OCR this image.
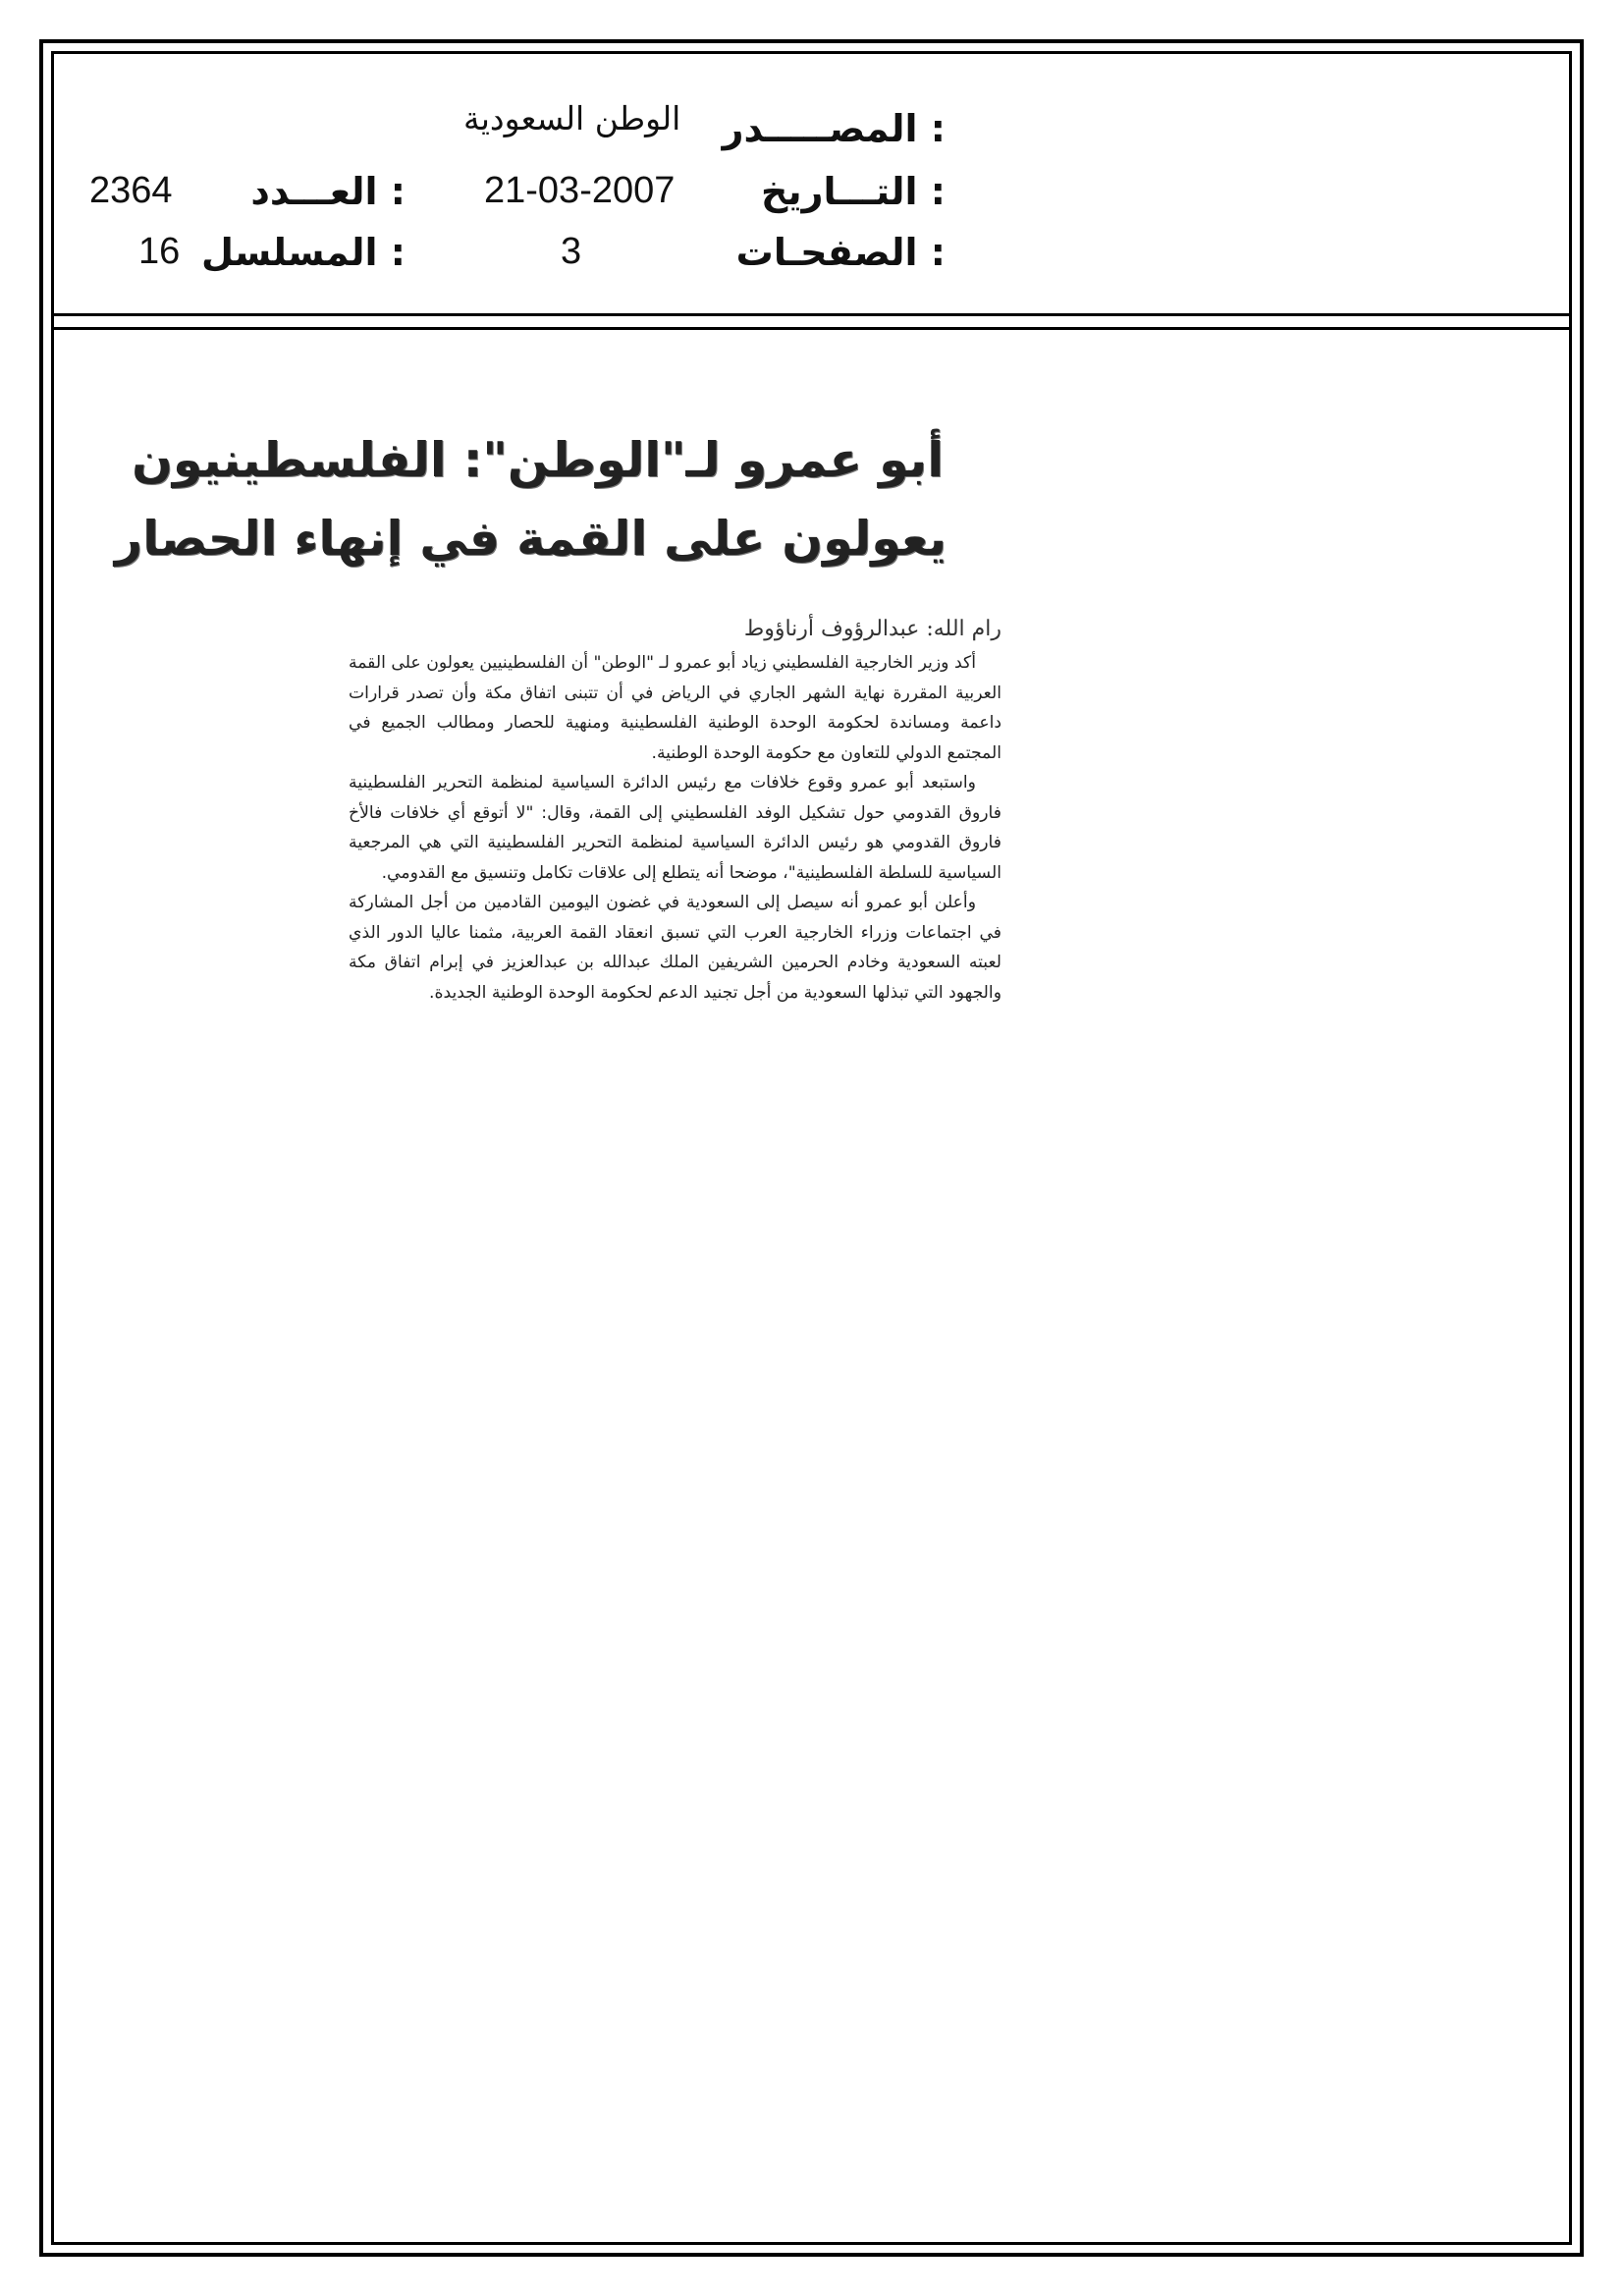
المصـــــدر :
الوطن السعودية
التـــاريخ :
21-03-2007
العـــدد :
2364
الصفحـات :
3
المسلسل :
16
أبو عمرو لـ"الوطن": الفلسطينيون
يعولون على القمة في إنهاء الحصار
رام الله: عبدالرؤوف أرناؤوط

أكد وزير الخارجية الفلسطيني زياد أبو عمرو لـ "الوطن" أن الفلسطينيين يعولون على القمة العربية المقررة نهاية الشهر الجاري في الرياض في أن تتبنى اتفاق مكة وأن تصدر قرارات داعمة ومساندة لحكومة الوحدة الوطنية الفلسطينية ومنهية للحصار ومطالب الجميع في المجتمع الدولي للتعاون مع حكومة الوحدة الوطنية.

واستبعد أبو عمرو وقوع خلافات مع رئيس الدائرة السياسية لمنظمة التحرير الفلسطينية فاروق القدومي حول تشكيل الوفد الفلسطيني إلى القمة، وقال: "لا أتوقع أي خلافات فالأخ فاروق القدومي هو رئيس الدائرة السياسية لمنظمة التحرير الفلسطينية التي هي المرجعية السياسية للسلطة الفلسطينية"، موضحا أنه يتطلع إلى علاقات تكامل وتنسيق مع القدومي.

وأعلن أبو عمرو أنه سيصل إلى السعودية في غضون اليومين القادمين من أجل المشاركة في اجتماعات وزراء الخارجية العرب التي تسبق انعقاد القمة العربية، مثمنا عاليا الدور الذي لعبته السعودية وخادم الحرمين الشريفين الملك عبدالله بن عبدالعزيز في إبرام اتفاق مكة والجهود التي تبذلها السعودية من أجل تجنيد الدعم لحكومة الوحدة الوطنية الجديدة.
